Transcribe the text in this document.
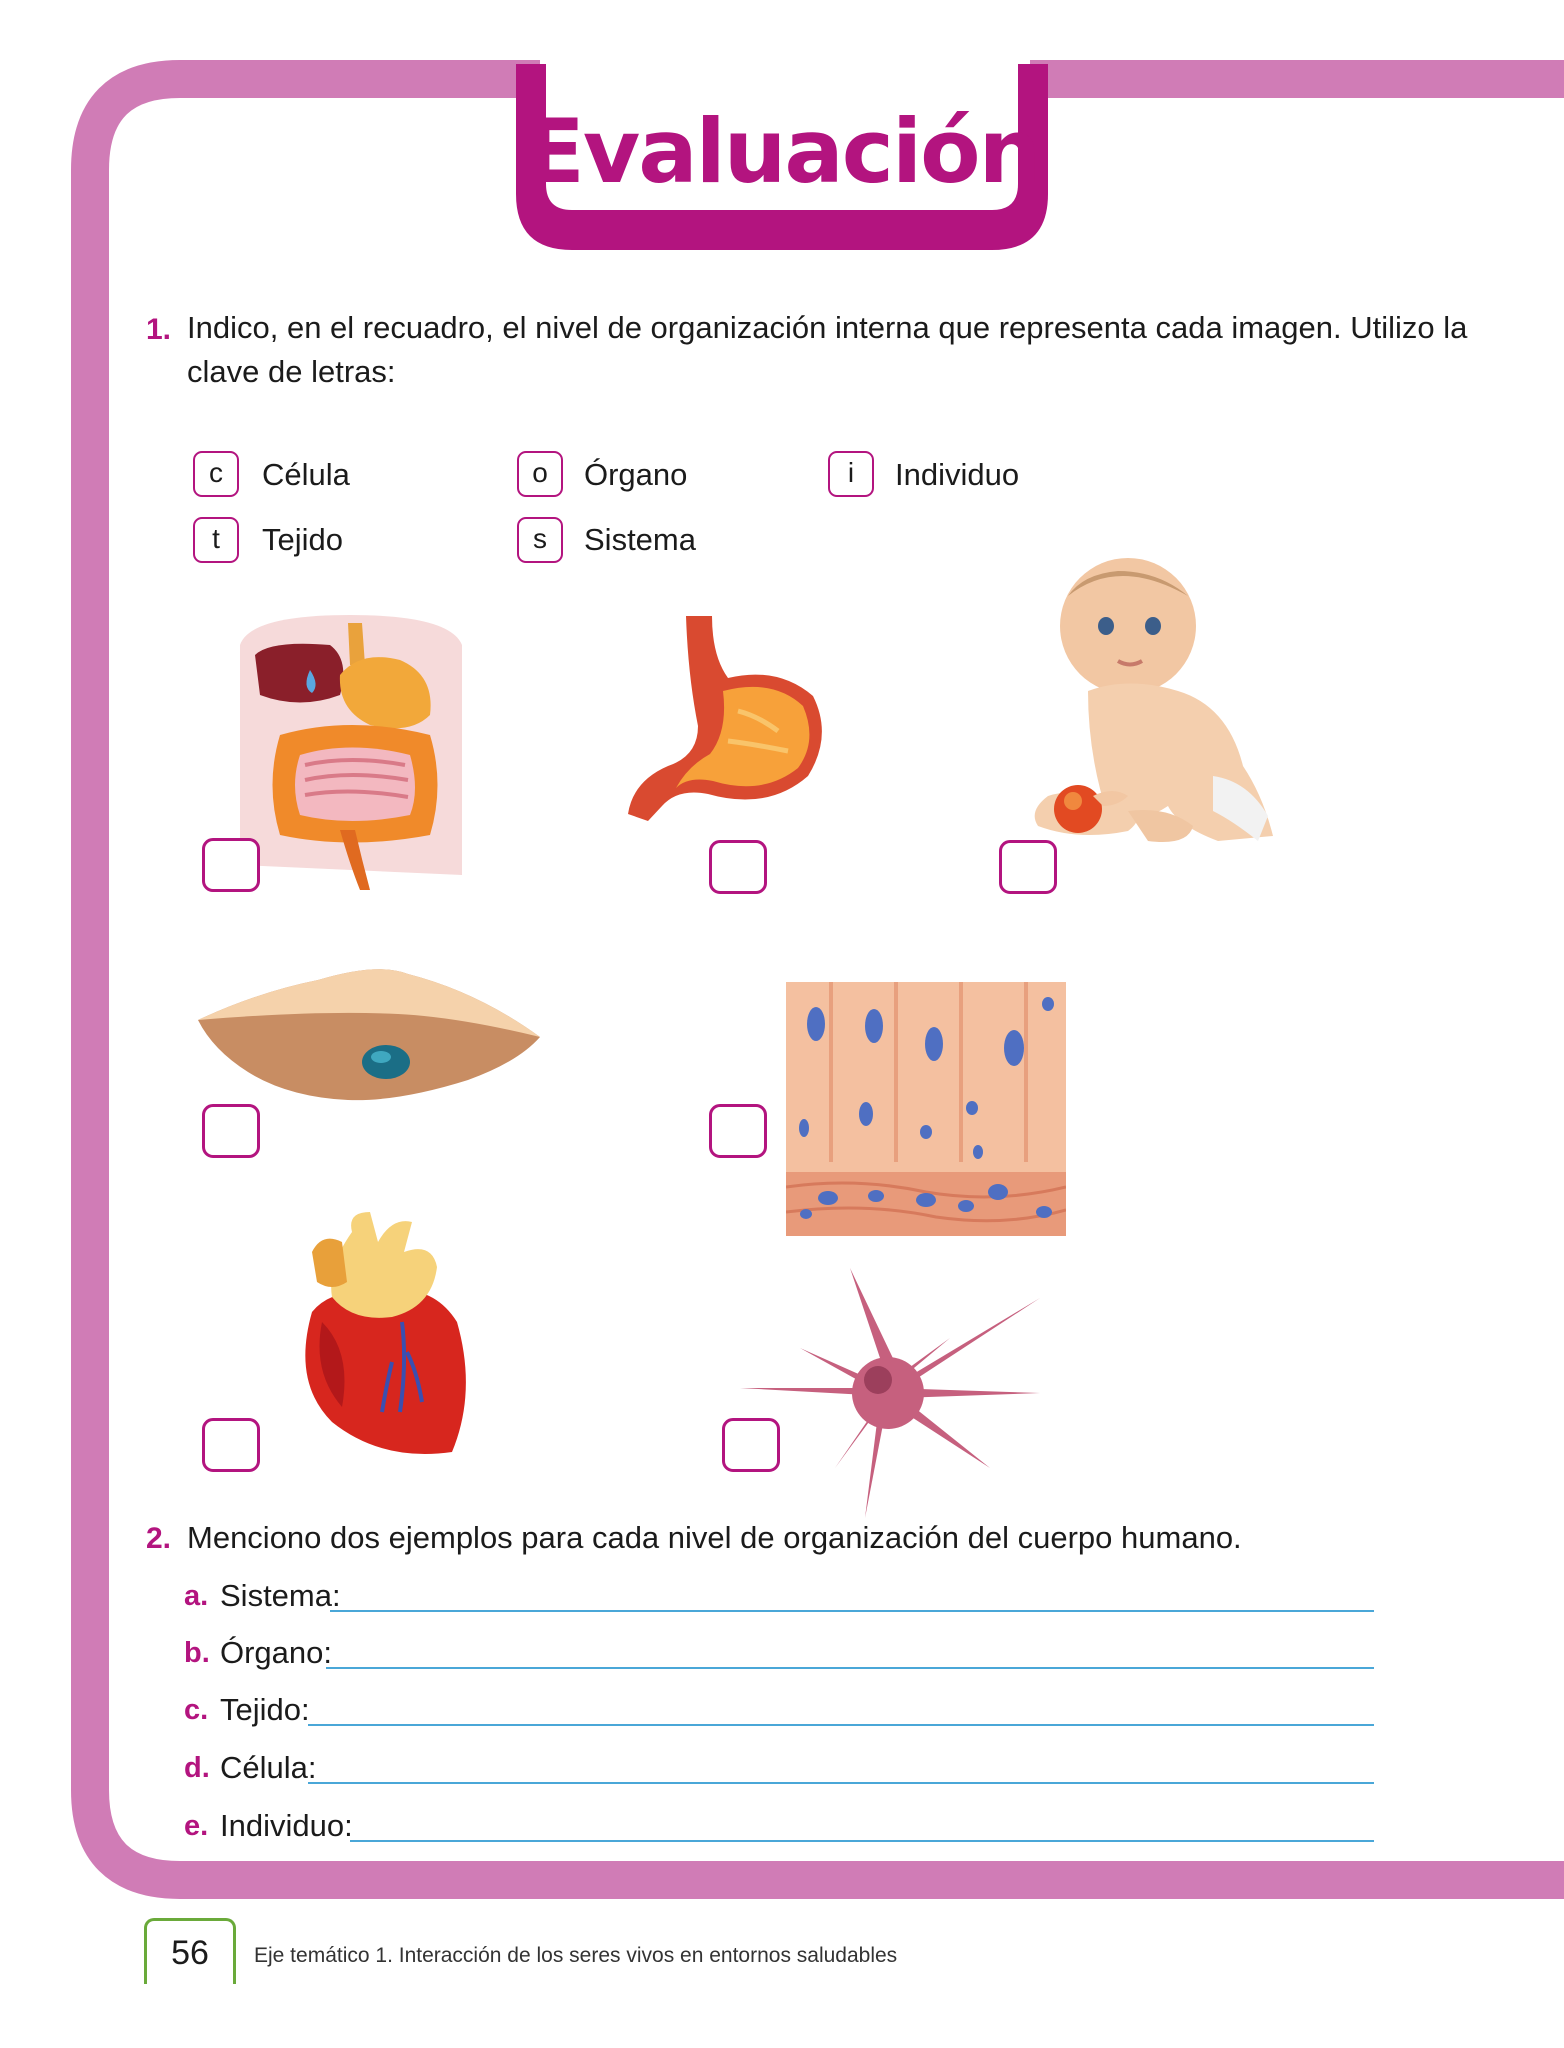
Evaluación
1. Indico, en el recuadro, el nivel de organización interna que representa cada imagen. Utilizo la
clave de letras:
c	Célula	o	Órgano	i	Individuo
t	Tejido	s	Sistema
2. Menciono dos ejemplos para cada nivel de organización del cuerpo humano.
a. Sistema:
b. Órgano:
c. Tejido:
d. Célula:
e. Individuo:
56	Eje temático 1. Interacción de los seres vivos en entornos saludables
